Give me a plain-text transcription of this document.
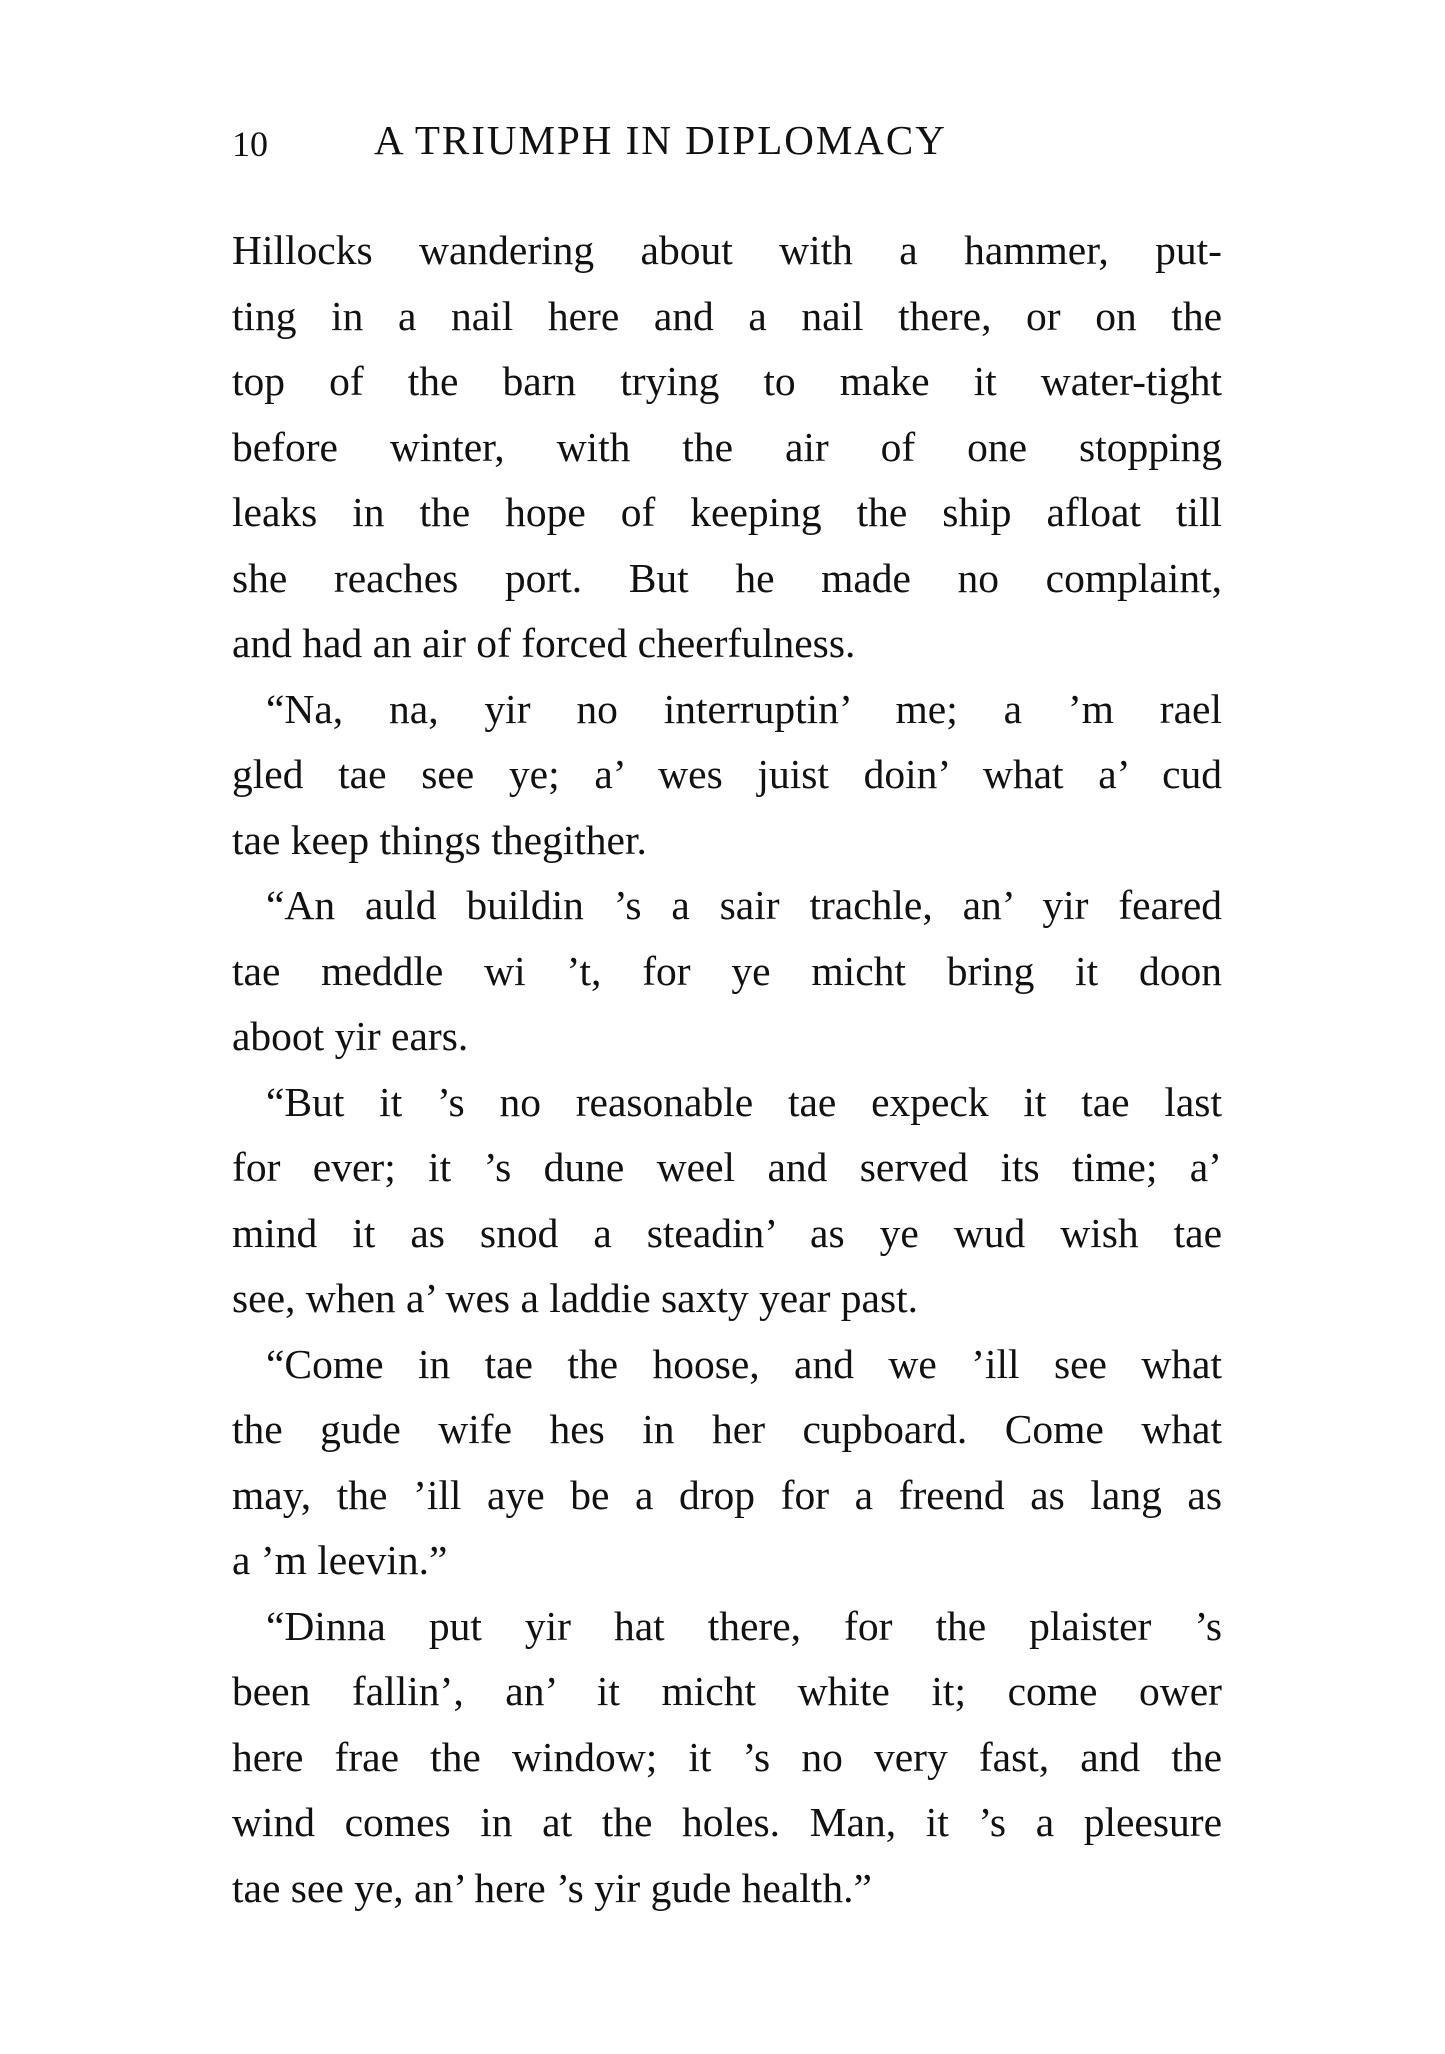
10	A TRIUMPH IN DIPLOMACY
Hillocks wandering about with a hammer, put-
ting in a nail here and a nail there, or on the
top of the barn trying to make it water-tight
before winter, with the air of one stopping
leaks in the hope of keeping the ship afloat till
she reaches port. But he made no complaint,
and had an air of forced cheerfulness.
“Na, na, yir no interruptin’ me; a ’m rael
gled tae see ye; a’ wes juist doin’ what a’ cud
tae keep things thegither.
“An auld buildin ’s a sair trachle, an’ yir feared
tae meddle wi ’t, for ye micht bring it doon
aboot yir ears.
“But it ’s no reasonable tae expeck it tae last
for ever; it ’s dune weel and served its time; a’
mind it as snod a steadin’ as ye wud wish tae
see, when a’ wes a laddie saxty year past.
“Come in tae the hoose, and we ’ill see what
the gude wife hes in her cupboard. Come what
may, the ’ill aye be a drop for a freend as lang as
a ’m leevin.”
“Dinna put yir hat there, for the plaister ’s
been fallin’, an’ it micht white it; come ower
here frae the window; it ’s no very fast, and the
wind comes in at the holes. Man, it ’s a pleesure
tae see ye, an’ here ’s yir gude health.”
